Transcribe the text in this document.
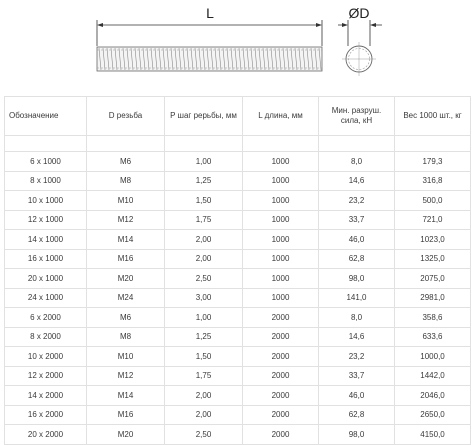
L	ØD
Обозначение	D резьба	P шаг рерьбы, мм	L длина, мм	Мин. разруш. сила, кН	Вес 1000 шт., кг

6 x 1000	M6	1,00	1000	8,0	179,3
8 x 1000	M8	1,25	1000	14,6	316,8
10 x 1000	M10	1,50	1000	23,2	500,0
12 x 1000	M12	1,75	1000	33,7	721,0
14 x 1000	M14	2,00	1000	46,0	1023,0
16 x 1000	M16	2,00	1000	62,8	1325,0
20 x 1000	M20	2,50	1000	98,0	2075,0
24 x 1000	M24	3,00	1000	141,0	2981,0
6 x 2000	M6	1,00	2000	8,0	358,6
8 x 2000	M8	1,25	2000	14,6	633,6
10 x 2000	M10	1,50	2000	23,2	1000,0
12 x 2000	M12	1,75	2000	33,7	1442,0
14 x 2000	M14	2,00	2000	46,0	2046,0
16 x 2000	M16	2,00	2000	62,8	2650,0
20 x 2000	M20	2,50	2000	98,0	4150,0
